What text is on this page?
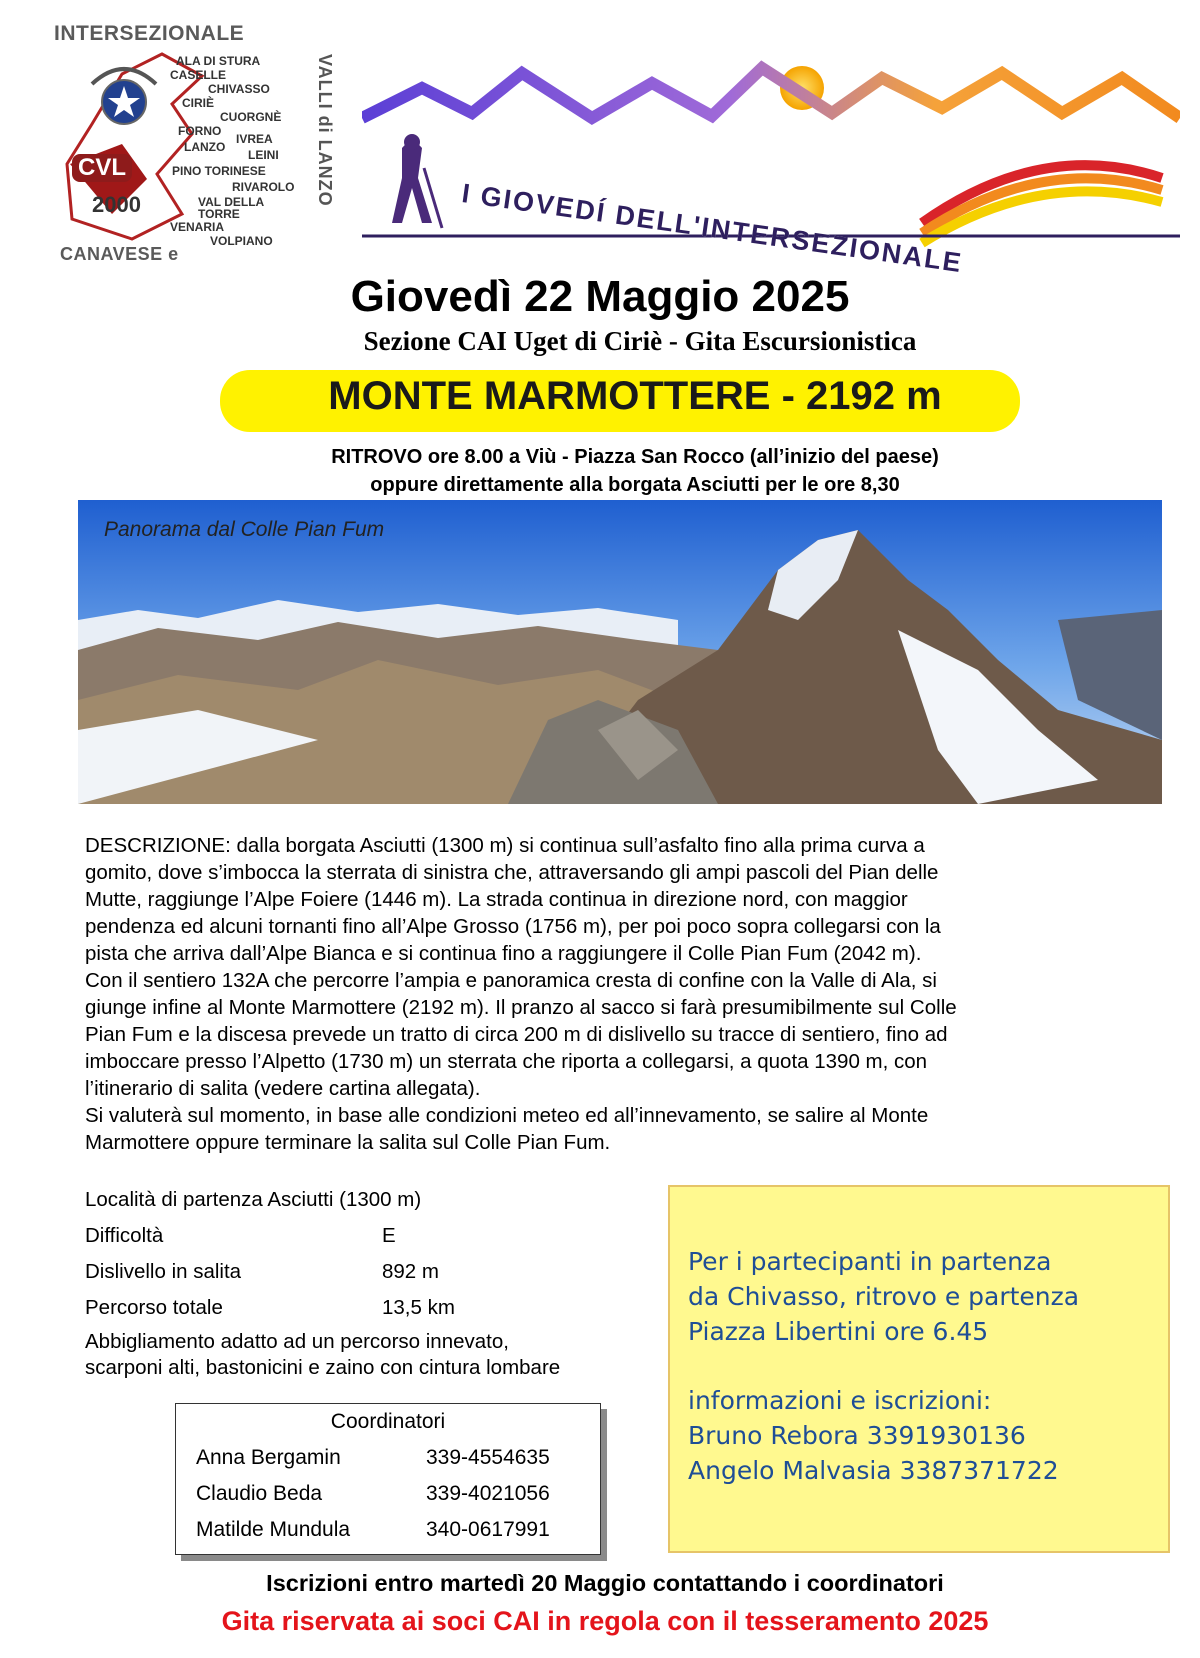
INTERSEZIONALE
ALA DI STURA
CASELLE
CHIVASSO
CIRIÈ
CUORGNÈ
FORNO
IVREA
LANZO
LEINI
PINO TORINESE
RIVAROLO
VAL DELLA TORRE
VENARIA
VOLPIANO
VALLI di LANZO
CVL
2000
CANAVESE e	I GIOVEDÍ DELL'INTERSEZIONALE
Giovedì 22 Maggio 2025
Sezione CAI Uget di Ciriè - Gita Escursionistica
MONTE MARMOTTERE - 2192 m
RITROVO ore 8.00 a Viù - Piazza San Rocco (all’inizio del paese)
oppure direttamente alla borgata Asciutti per le ore 8,30
Panorama dal Colle Pian Fum

DESCRIZIONE: dalla borgata Asciutti (1300 m) si continua sull’asfalto fino alla prima curva a

gomito, dove s’imbocca la sterrata di sinistra che, attraversando gli ampi pascoli del Pian delle

Mutte, raggiunge l’Alpe Foiere (1446 m). La strada continua in direzione nord, con maggior

pendenza ed alcuni tornanti fino all’Alpe Grosso (1756 m), per poi poco sopra collegarsi con la

pista che arriva dall’Alpe Bianca e si continua fino a raggiungere il Colle Pian Fum (2042 m).

Con il sentiero 132A che percorre l’ampia e panoramica cresta di confine con la Valle di Ala, si

giunge infine al Monte Marmottere (2192 m). Il pranzo al sacco si farà presumibilmente sul Colle

Pian Fum e la discesa prevede un tratto di circa 200 m di dislivello su tracce di sentiero, fino ad

imboccare presso l’Alpetto (1730 m) un sterrata che riporta a collegarsi, a quota 1390 m, con

l’itinerario di salita (vedere cartina allegata).

Si valuterà sul momento, in base alle condizioni meteo ed all’innevamento, se salire al Monte

Marmottere oppure terminare la salita sul Colle Pian Fum.

Località di partenza Asciutti (1300 m)
Difficoltà	E
Dislivello in salita	892 m
Percorso totale	13,5 km
Abbigliamento adatto ad un percorso innevato,
scarponi alti, bastonicini e zaino con cintura lombare
Coordinatori
Anna Bergamin	339-4554635
Claudio Beda	339-4021056
Matilde Mundula	340-0617991
Per i partecipanti in partenza
da Chivasso, ritrovo e partenza
Piazza Libertini ore 6.45
informazioni e iscrizioni:
Bruno Rebora 3391930136
Angelo Malvasia 3387371722
Iscrizioni entro martedì 20 Maggio contattando i coordinatori
Gita riservata ai soci CAI in regola con il tesseramento 2025
